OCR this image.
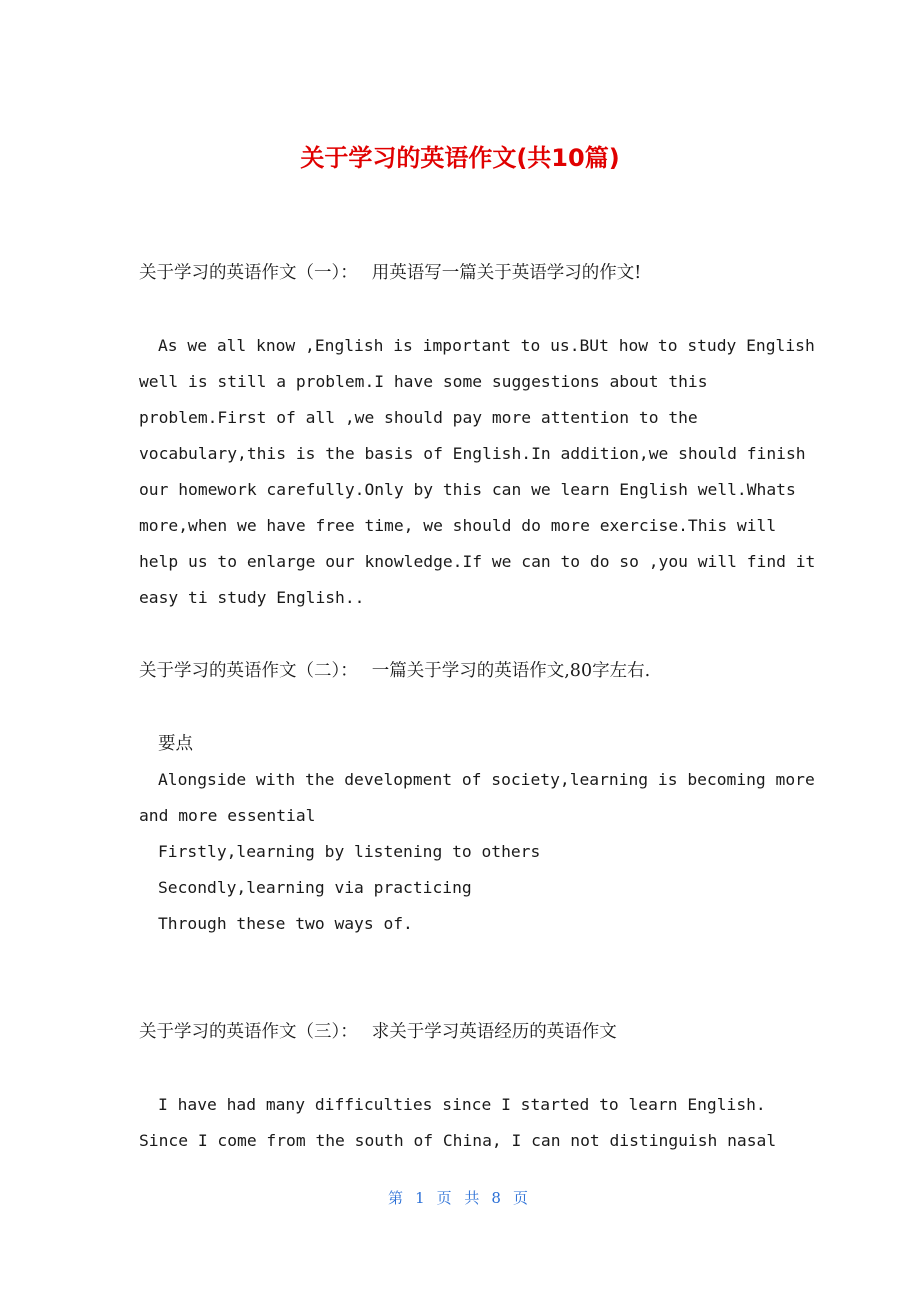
关于学习的英语作文(共10篇)
关于学习的英语作文（一）： 用英语写一篇关于英语学习的作文!
As we all know ,English is important to us.BUt how to study English
well is still a problem.I have some suggestions about this
problem.First of all ,we should pay more attention to the
vocabulary,this is the basis of English.In addition,we should finish
our homework carefully.Only by this can we learn English well.Whats
more,when we have free time, we should do more exercise.This will
help us to enlarge our knowledge.If we can to do so ,you will find it
easy ti study English..
关于学习的英语作文（二）： 一篇关于学习的英语作文,80字左右.
要点
Alongside with the development of society,learning is becoming more
and more essential
Firstly,learning by listening to others
Secondly,learning via practicing
Through these two ways of.
关于学习的英语作文（三）： 求关于学习英语经历的英语作文
I have had many difficulties since I started to learn English.
Since I come from the south of China, I can not distinguish nasal
第 1 页 共 8 页
